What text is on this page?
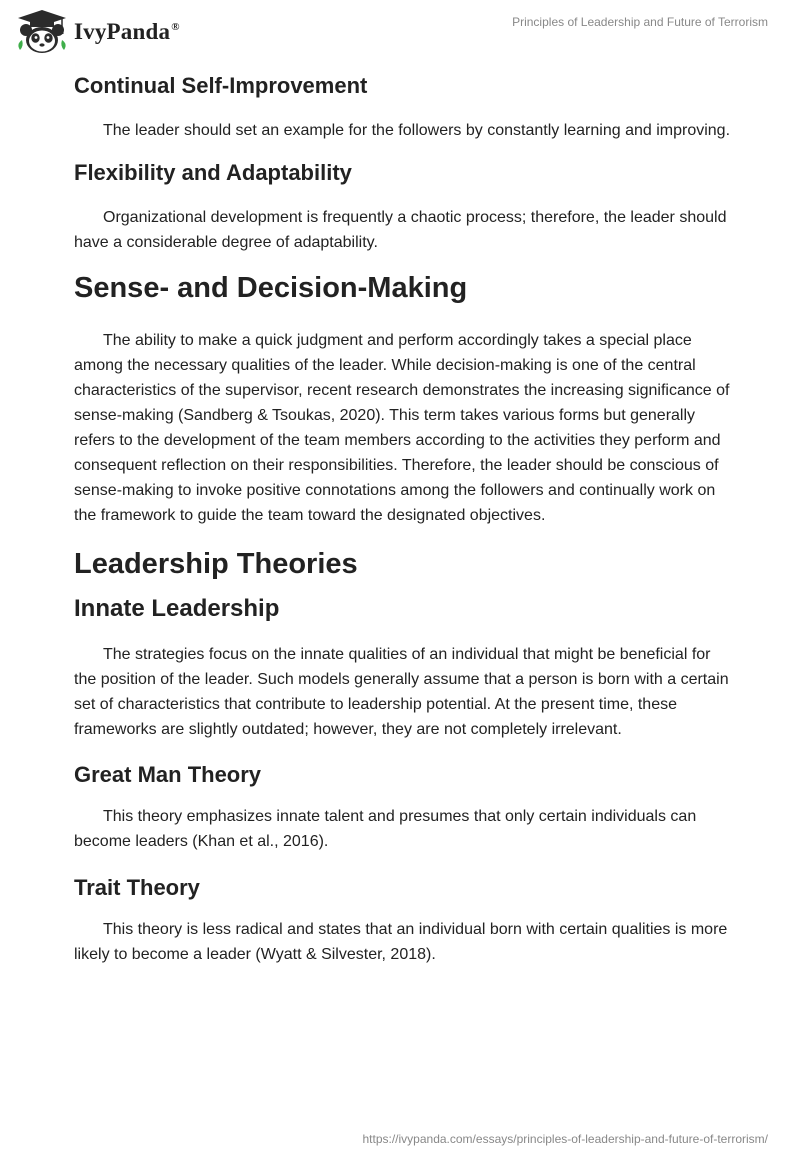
IvyPanda®	Principles of Leadership and Future of Terrorism
Continual Self-Improvement

The leader should set an example for the followers by constantly learning and improving.

Flexibility and Adaptability

Organizational development is frequently a chaotic process; therefore, the leader should have a considerable degree of adaptability.

Sense- and Decision-Making

The ability to make a quick judgment and perform accordingly takes a special place among the necessary qualities of the leader. While decision-making is one of the central characteristics of the supervisor, recent research demonstrates the increasing significance of sense-making (Sandberg & Tsoukas, 2020). This term takes various forms but generally refers to the development of the team members according to the activities they perform and consequent reflection on their responsibilities. Therefore, the leader should be conscious of sense-making to invoke positive connotations among the followers and continually work on the framework to guide the team toward the designated objectives.

Leadership Theories
Innate Leadership

The strategies focus on the innate qualities of an individual that might be beneficial for the position of the leader. Such models generally assume that a person is born with a certain set of characteristics that contribute to leadership potential. At the present time, these frameworks are slightly outdated; however, they are not completely irrelevant.

Great Man Theory

This theory emphasizes innate talent and presumes that only certain individuals can become leaders (Khan et al., 2016).

Trait Theory

This theory is less radical and states that an individual born with certain qualities is more likely to become a leader (Wyatt & Silvester, 2018).

https://ivypanda.com/essays/principles-of-leadership-and-future-of-terrorism/
